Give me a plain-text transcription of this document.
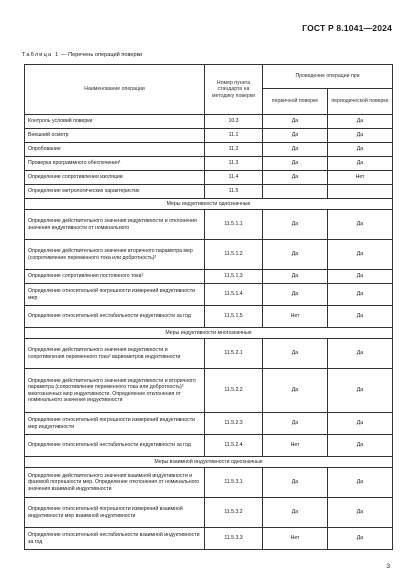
ГОСТ Р 8.1041—2024
Таблица 1 — Перечень операций поверки
Наименование операции	Номер пункта стандарта на методику поверки	Проведение операции при	
		первичной поверке	периодической поверке
Контроль условий поверки	10.3	Да	Да
Внешний осмотр	11.1	Да	Да
Опробование	11.2	Да	Да
Проверка программного обеспечения¹	11.3	Да	Да
Определение сопротивления изоляции	11.4	Да	Нет
Определение метрологических характеристик	11.5		
Меры индуктивности однозначные			
Определение действительного значения индуктивности и отклонения значения индуктивности от номинального	11.5.1.1	Да	Да
Определение действительного значения вторичного параметра мер (сопротивление переменного тока или добротность)²	11.5.1.2	Да	Да
Определение сопротивления постоянного тока²	11.5.1.3	Да	Да
Определение относительной погрешности измерений индуктивности мер	11.5.1.4	Да	Да
Определение относительной нестабильности индуктивности за год	11.5.1.5	Нет	Да
Меры индуктивности многозначные			
Определение действительного значения индуктивности и сопротивления переменного тока² вариометров индуктивности	11.5.2.1	Да	Да
Определение действительного значения индуктивности и вторичного параметра (сопротивления переменного тока или добротность)² многозначных мер индуктивности. Определение отклонения от номинального значения индуктивности	11.5.2.2	Да	Да
Определение относительной погрешности измерений индуктивности мер индуктивности	11.5.2.3	Да	Да
Определение относительной нестабильности индуктивности за год	11.5.2.4	Нет	Да
Меры взаимной индуктивности однозначные			
Определение действительного значения взаимной индуктивности и фазовой погрешности мер. Определение отклонения от номинального значения взаимной индуктивности	11.5.3.1	Да	Да
Определение относительной погрешности измерений взаимной индуктивности мер взаимной индуктивности	11.5.3.2	Да	Да
Определение относительной нестабильности взаимной индуктивности за год	11.5.3.3	Нет	Да
3
